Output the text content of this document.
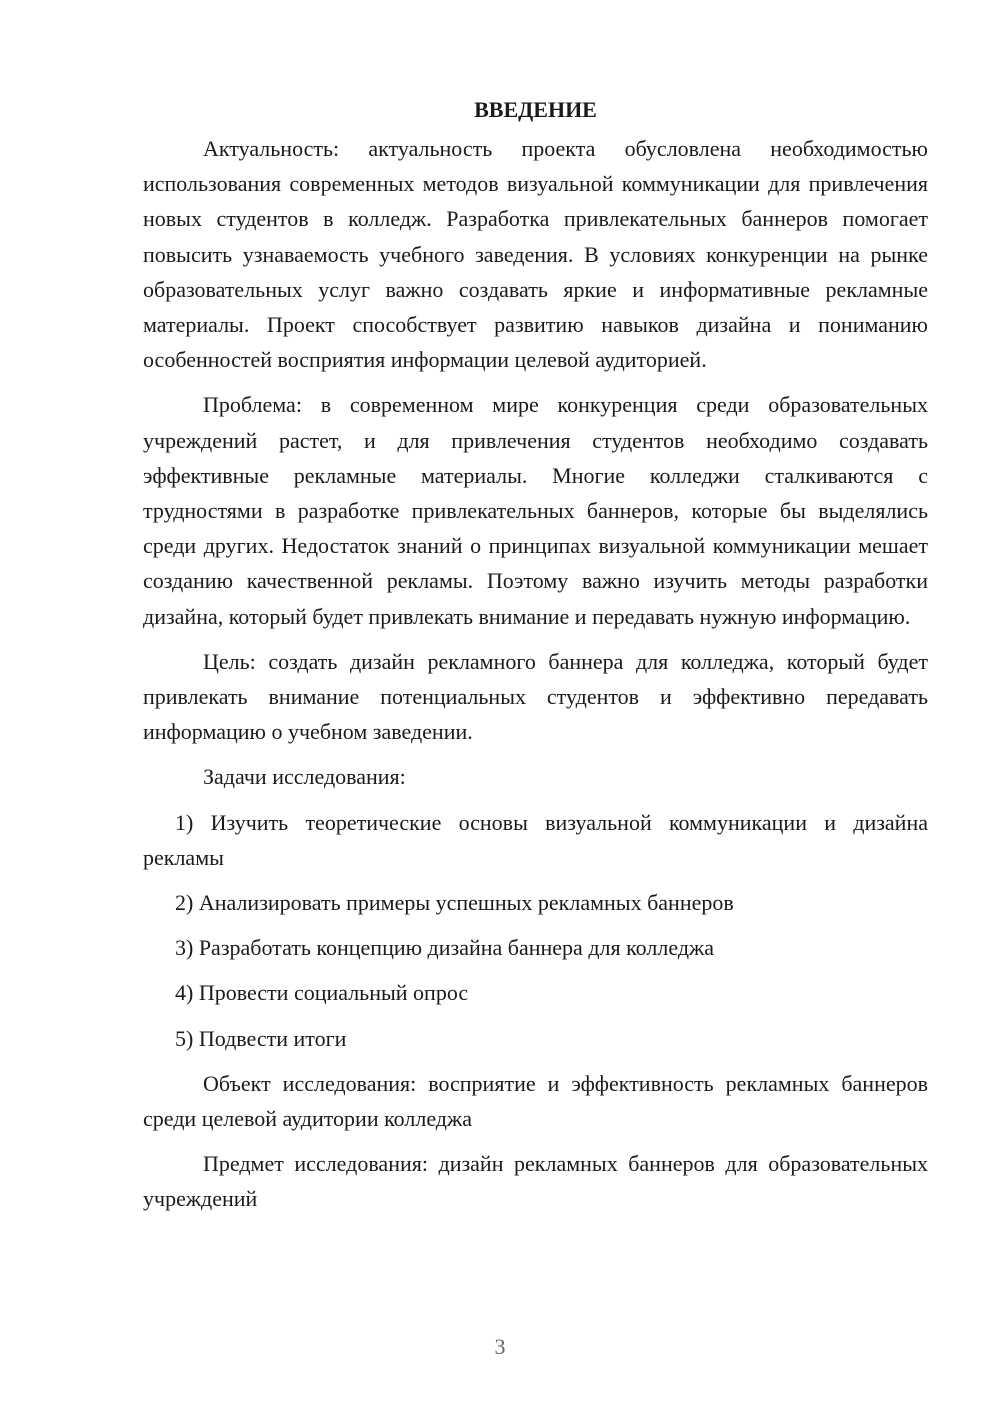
ВВЕДЕНИЕ

Актуальность: актуальность проекта обусловлена необходимостью использования современных методов визуальной коммуникации для привлечения новых студентов в колледж. Разработка привлекательных баннеров помогает повысить узнаваемость учебного заведения. В условиях конкуренции на рынке образовательных услуг важно создавать яркие и информативные рекламные материалы. Проект способствует развитию навыков дизайна и пониманию особенностей восприятия информации целевой аудиторией.

Проблема: в современном мире конкуренция среди образовательных учреждений растет, и для привлечения студентов необходимо создавать эффективные рекламные материалы. Многие колледжи сталкиваются с трудностями в разработке привлекательных баннеров, которые бы выделялись среди других. Недостаток знаний о принципах визуальной коммуникации мешает созданию качественной рекламы. Поэтому важно изучить методы разработки дизайна, который будет привлекать внимание и передавать нужную информацию.

Цель: создать дизайн рекламного баннера для колледжа, который будет привлекать внимание потенциальных студентов и эффективно передавать информацию о учебном заведении.

Задачи исследования:

1) Изучить теоретические основы визуальной коммуникации и дизайна рекламы

2) Анализировать примеры успешных рекламных баннеров

3) Разработать концепцию дизайна баннера для колледжа

4) Провести социальный опрос

5) Подвести итоги

Объект исследования: восприятие и эффективность рекламных баннеров среди целевой аудитории колледжа

Предмет исследования: дизайн рекламных баннеров для образовательных учреждений

3
